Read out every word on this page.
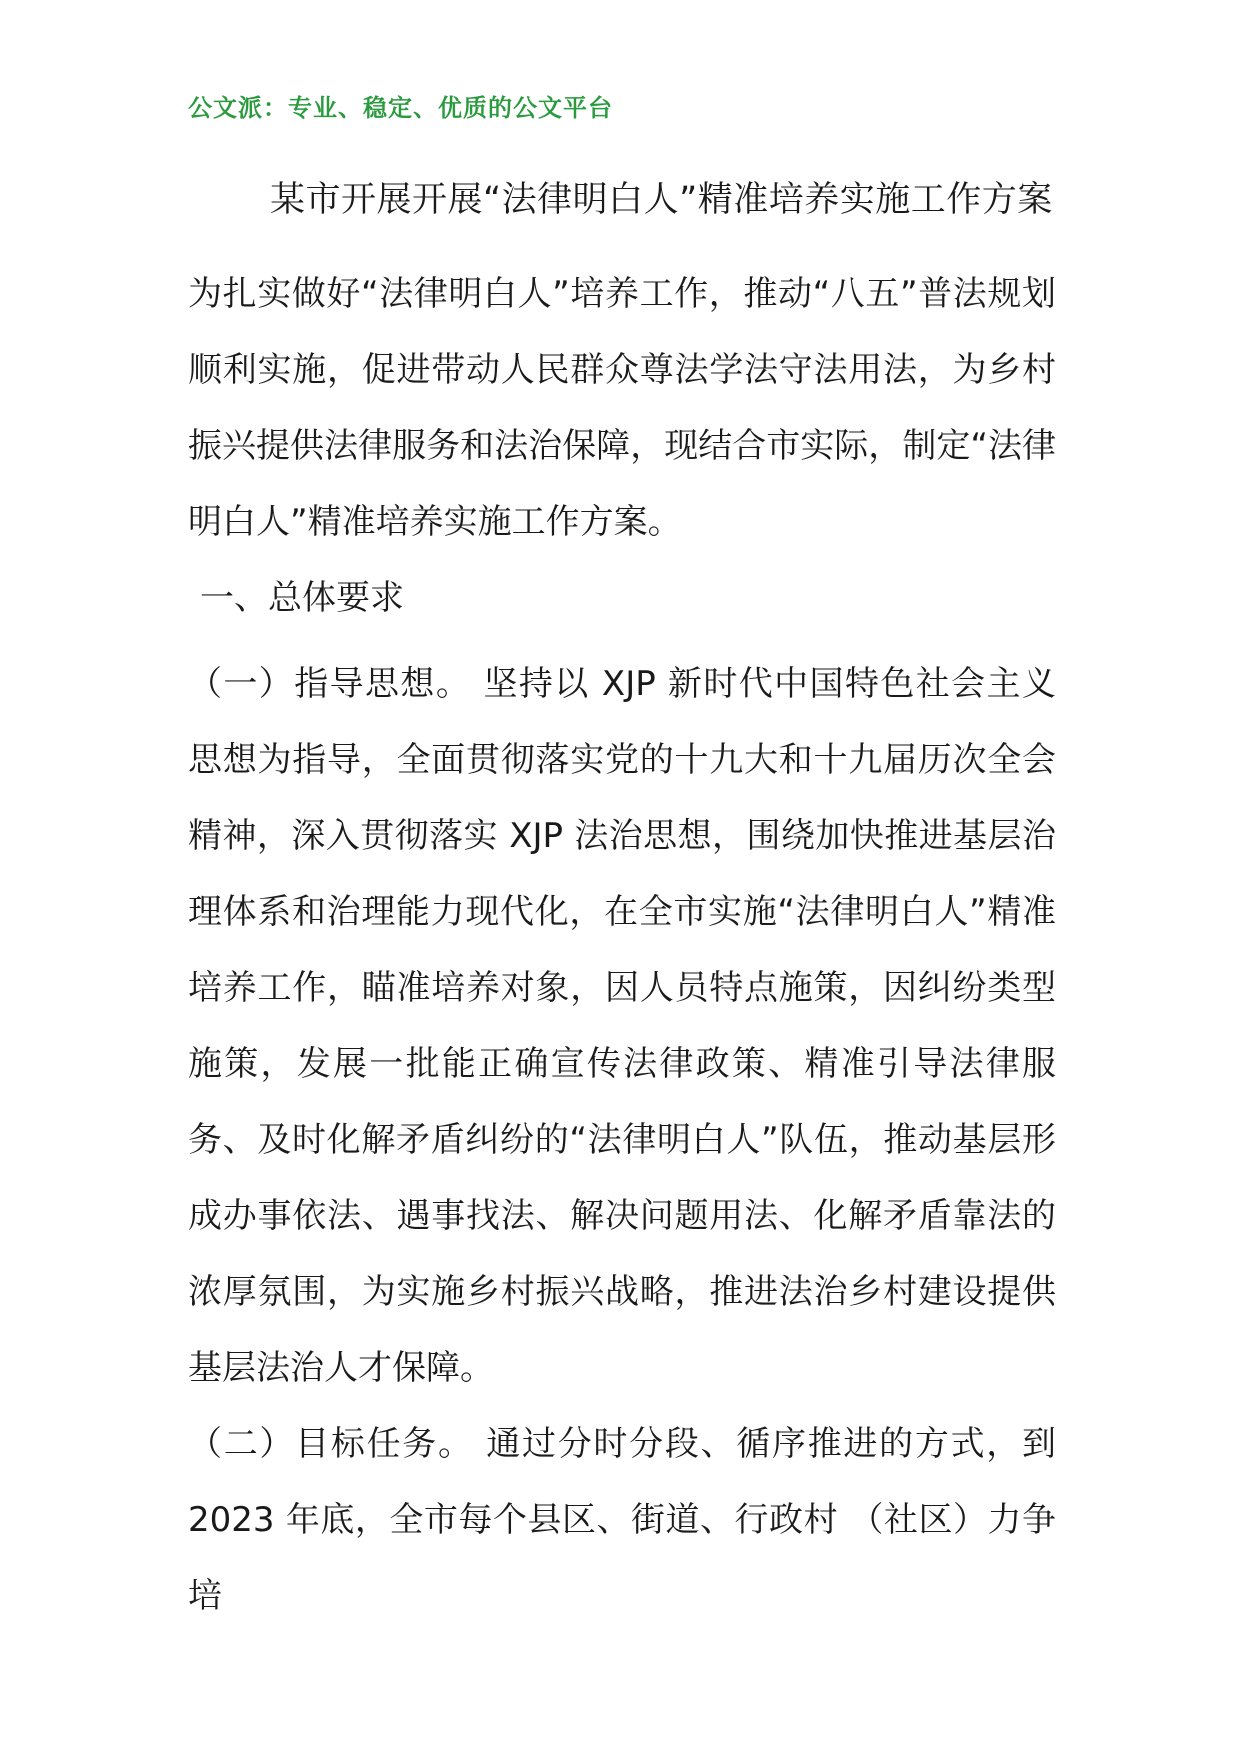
公文派：专业、稳定、优质的公文平台
某市开展开展“法律明白人”精准培养实施工作方案

为扎实做好“法律明白人”培养工作，推动“八五”普法规划顺利实施，促进带动人民群众尊法学法守法用法，为乡村振兴提供法律服务和法治保障，现结合市实际，制定“法律明白人”精准培养实施工作方案。

一、总体要求

（一）指导思想。 坚持以 XJP 新时代中国特色社会主义思想为指导，全面贯彻落实党的十九大和十九届历次全会精神，深入贯彻落实 XJP 法治思想，围绕加快推进基层治理体系和治理能力现代化，在全市实施“法律明白人”精准培养工作，瞄准培养对象，因人员特点施策，因纠纷类型施策，发展一批能正确宣传法律政策、精准引导法律服务、及时化解矛盾纠纷的“法律明白人”队伍，推动基层形成办事依法、遇事找法、解决问题用法、化解矛盾靠法的浓厚氛围，为实施乡村振兴战略，推进法治乡村建设提供基层法治人才保障。

（二）目标任务。 通过分时分段、循序推进的方式，到 2023 年底，全市每个县区、街道、行政村 （社区）力争培
